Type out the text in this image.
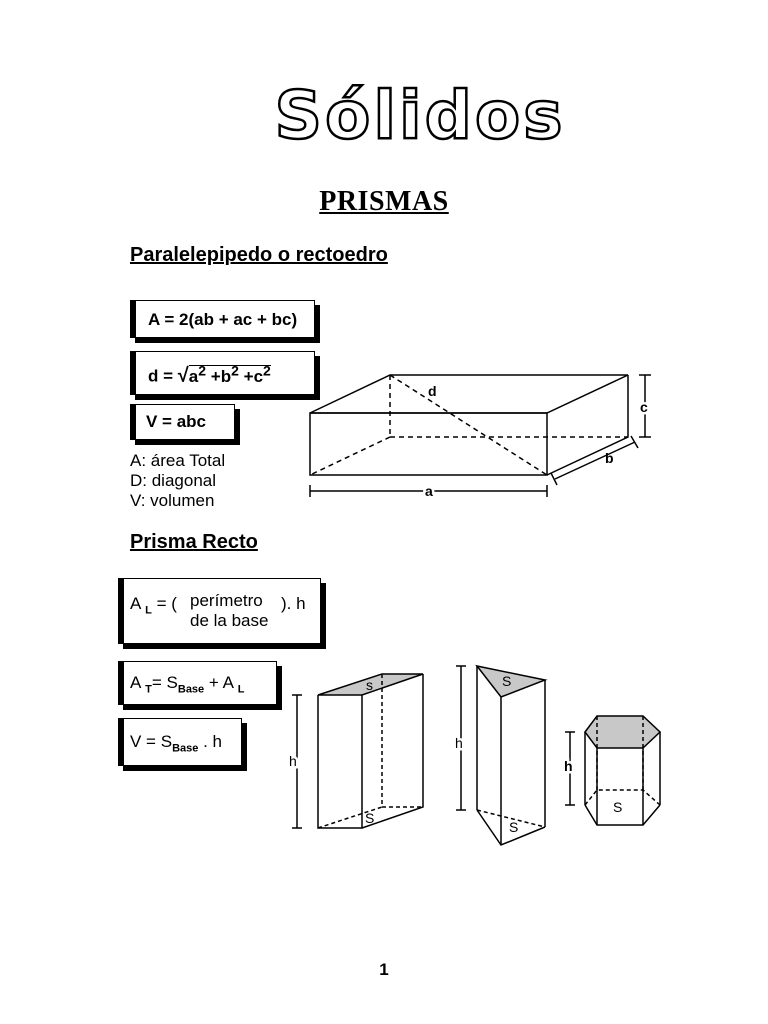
Sólidos
PRISMAS
Paralelepipedo o rectoedro
A = 2(ab + ac + bc)
$d = √a^2 +b^2 +c^2$
V = abc
A: área Total
D: diagonal
V: volumen
d
a
c
b
Prisma Recto
A $_L$ = ( perímetro
de la base
). h
A $_T= S_{Base} + A$ $_L$
$V = S_{Base}$ . h
s
S
h
S
S
h
S
h
1
